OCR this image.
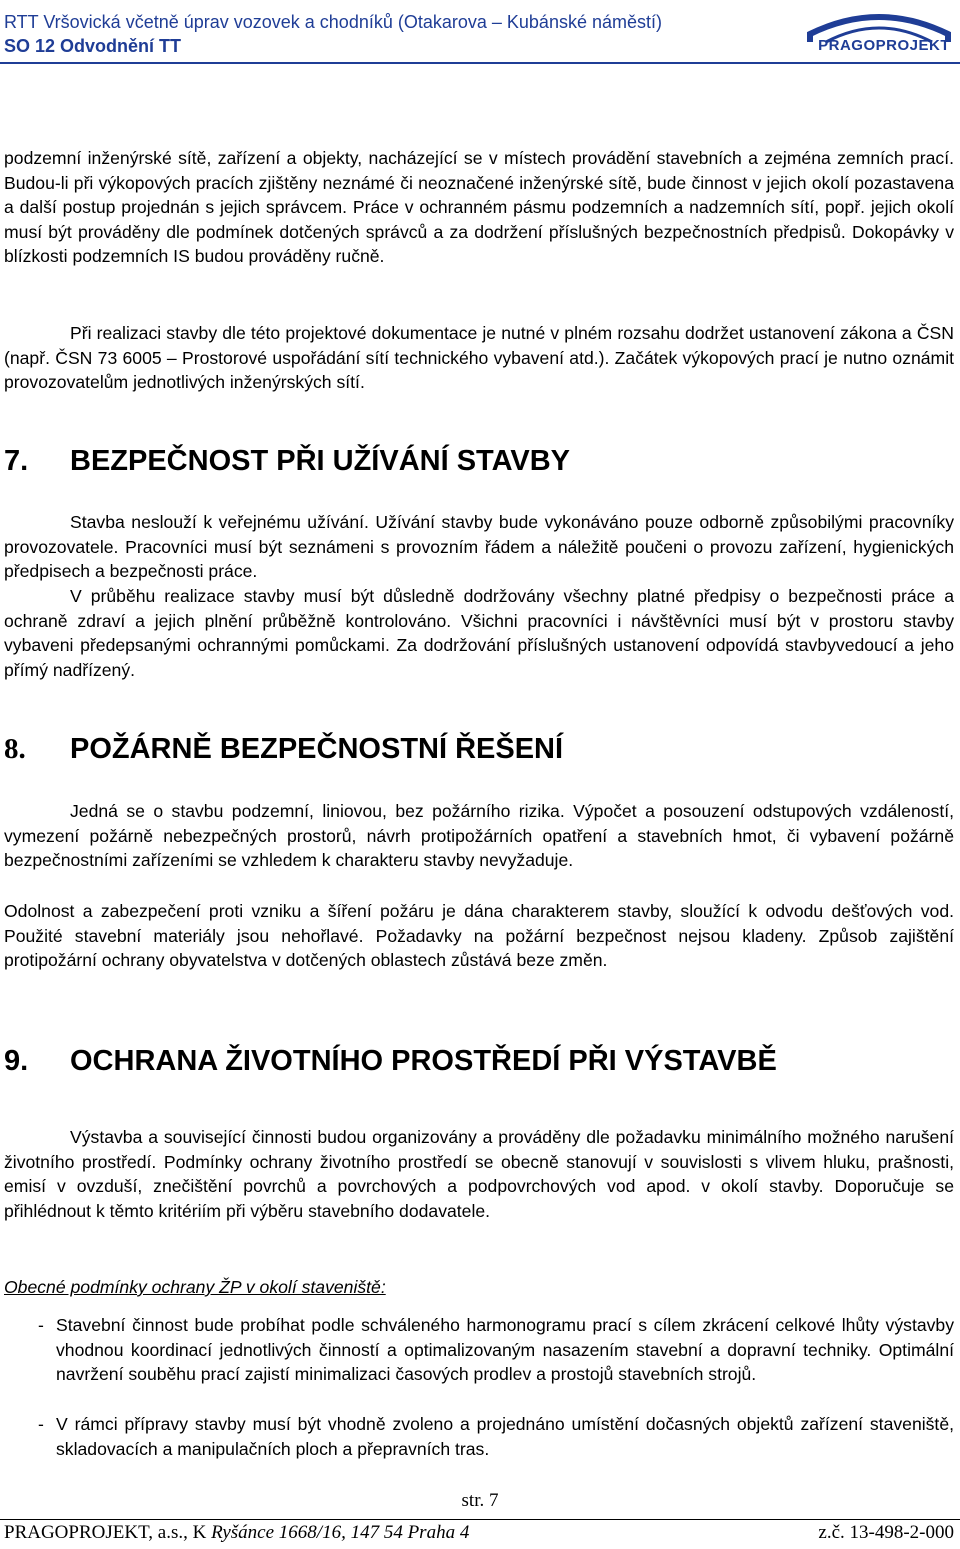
RTT Vršovická včetně úprav vozovek a chodníků (Otakarova – Kubánské náměstí)
SO 12 Odvodnění TT	PRAGOPROJEKT
podzemní inženýrské sítě, zařízení a objekty, nacházející se v místech provádění stavebních a zejména zemních prací. Budou-li při výkopových pracích zjištěny neznámé či neoznačené inženýrské sítě, bude činnost v jejich okolí pozastavena a další postup projednán s jejich správcem. Práce v ochranném pásmu podzemních a nadzemních sítí, popř. jejich okolí musí být prováděny dle podmínek dotčených správců a za dodržení příslušných bezpečnostních předpisů. Dokopávky v blízkosti podzemních IS budou prováděny ručně.
Při realizaci stavby dle této projektové dokumentace je nutné v plném rozsahu dodržet ustanovení zákona a ČSN (např. ČSN 73 6005 – Prostorové uspořádání sítí technického vybavení atd.). Začátek výkopových prací je nutno oznámit provozovatelům jednotlivých inženýrských sítí.
7. BEZPEČNOST PŘI UŽÍVÁNÍ STAVBY
Stavba neslouží k veřejnému užívání. Užívání stavby bude vykonáváno pouze odborně způsobilými pracovníky provozovatele. Pracovníci musí být seznámeni s provozním řádem a náležitě poučeni o provozu zařízení, hygienických předpisech a bezpečnosti práce.
V průběhu realizace stavby musí být důsledně dodržovány všechny platné předpisy o bezpečnosti práce a ochraně zdraví a jejich plnění průběžně kontrolováno. Všichni pracovníci i návštěvníci musí být v prostoru stavby vybaveni předepsanými ochrannými pomůckami. Za dodržování příslušných ustanovení odpovídá stavbyvedoucí a jeho přímý nadřízený.
8. POŽÁRNĚ BEZPEČNOSTNÍ ŘEŠENÍ
Jedná se o stavbu podzemní, liniovou, bez požárního rizika. Výpočet a posouzení odstupových vzdáleností, vymezení požárně nebezpečných prostorů, návrh protipožárních opatření a stavebních hmot, či vybavení požárně bezpečnostními zařízeními se vzhledem k charakteru stavby nevyžaduje.
Odolnost a zabezpečení proti vzniku a šíření požáru je dána charakterem stavby, sloužící k odvodu dešťových vod. Použité stavební materiály jsou nehořlavé. Požadavky na požární bezpečnost nejsou kladeny. Způsob zajištění protipožární ochrany obyvatelstva v dotčených oblastech zůstává beze změn.
9. OCHRANA ŽIVOTNÍHO PROSTŘEDÍ PŘI VÝSTAVBĚ
Výstavba a související činnosti budou organizovány a prováděny dle požadavku minimálního možného narušení životního prostředí. Podmínky ochrany životního prostředí se obecně stanovují v souvislosti s vlivem hluku, prašnosti, emisí v ovzduší, znečištění povrchů a povrchových a podpovrchových vod apod. v okolí stavby. Doporučuje se přihlédnout k těmto kritériím při výběru stavebního dodavatele.
Obecné podmínky ochrany ŽP v okolí staveniště:
- Stavební činnost bude probíhat podle schváleného harmonogramu prací s cílem zkrácení celkové lhůty výstavby vhodnou koordinací jednotlivých činností a optimalizovaným nasazením stavební a dopravní techniky. Optimální navržení souběhu prací zajistí minimalizaci časových prodlev a prostojů stavebních strojů.
- V rámci přípravy stavby musí být vhodně zvoleno a projednáno umístění dočasných objektů zařízení staveniště, skladovacích a manipulačních ploch a přepravních tras.
str. 7
PRAGOPROJEKT, a.s., K Ryšánce 1668/16, 147 54 Praha 4	z.č. 13-498-2-000
